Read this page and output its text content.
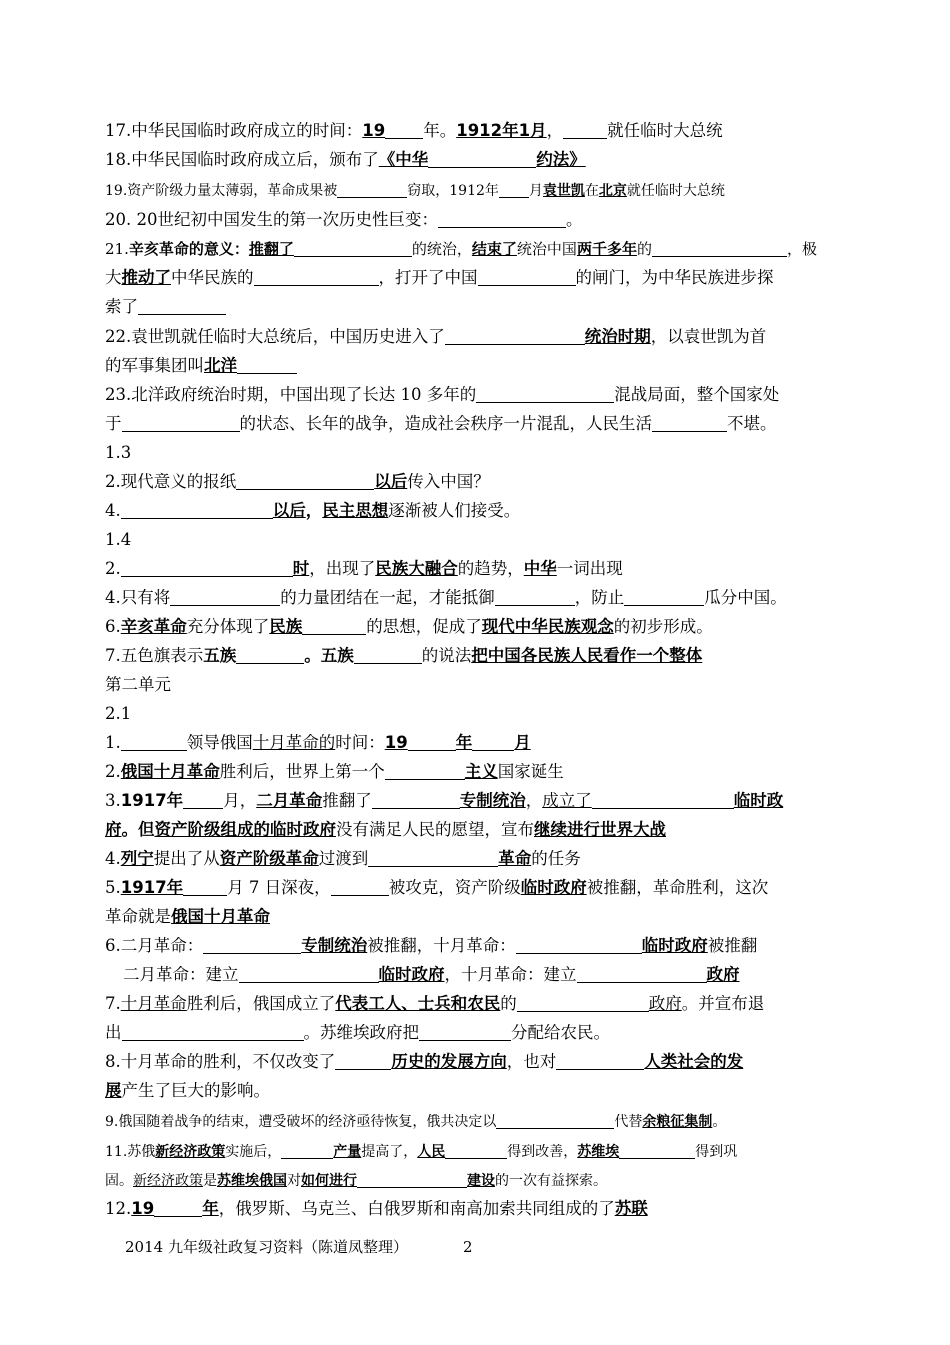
17.中华民国临时政府成立的时间：19 年。1912年1月，	就任临时大总统
18.中华民国临时政府成立后，颁布了《中华	约法》
19.资产阶级力量太薄弱，革命成果被	窃取，1912年 月袁世凯在北京就任临时大总统
20. 20世纪初中国发生的第一次历史性巨变：	。
21.辛亥革命的意义：推翻了	的统治，结束了统治中国两千多年的	，极
大推动了中华民族的	，打开了中国	的闸门，为中华民族进步探
索了
22.袁世凯就任临时大总统后，中国历史进入了	统治时期，以袁世凯为首
的军事集团叫北洋
23.北洋政府统治时期，中国出现了长达 10 多年的	混战局面，整个国家处
于	的状态、长年的战争，造成社会秩序一片混乱，人民生活	不堪。
1.3
2.现代意义的报纸	以后传入中国？
4.	以后，民主思想逐渐被人们接受。
1.4
2.	时，出现了民族大融合的趋势，中华一词出现
4.只有将	的力量团结在一起，才能抵御	，防止	瓜分中国。
6.辛亥革命充分体现了民族	的思想，促成了现代中华民族观念的初步形成。
7.五色旗表示五族	。五族	的说法把中国各民族人民看作一个整体
第二单元
2.1
1.	领导俄国十月革命的时间：19	年	月
2.俄国十月革命胜利后，世界上第一个	主义国家诞生
3.1917年 月，二月革命推翻了	专制统治，成立了	临时政
府。但资产阶级组成的临时政府没有满足人民的愿望，宣布继续进行世界大战
4.列宁提出了从资产阶级革命过渡到	革命的任务
5.1917年	月 7 日深夜，	被攻克，资产阶级临时政府被推翻，革命胜利，这次
革命就是俄国十月革命
6.二月革命：	专制统治被推翻，十月革命：	临时政府被推翻
二月革命：建立	临时政府，十月革命：建立	政府
7.十月革命胜利后，俄国成立了代表工人、士兵和农民的	政府。并宣布退
出	。苏维埃政府把	分配给农民。
8.十月革命的胜利，不仅改变了	历史的发展方向，也对	人类社会的发
展产生了巨大的影响。
9.俄国随着战争的结束，遭受破坏的经济亟待恢复，俄共决定以	代替余粮征集制。
11.苏俄新经济政策实施后，	产量提高了，人民	得到改善，苏维埃	得到巩
固。新经济政策是苏维埃俄国对如何进行	建设的一次有益探索。
12.19	年，俄罗斯、乌克兰、白俄罗斯和南高加索共同组成的了苏联
2014 九年级社政复习资料（陈道凤整理）	2
